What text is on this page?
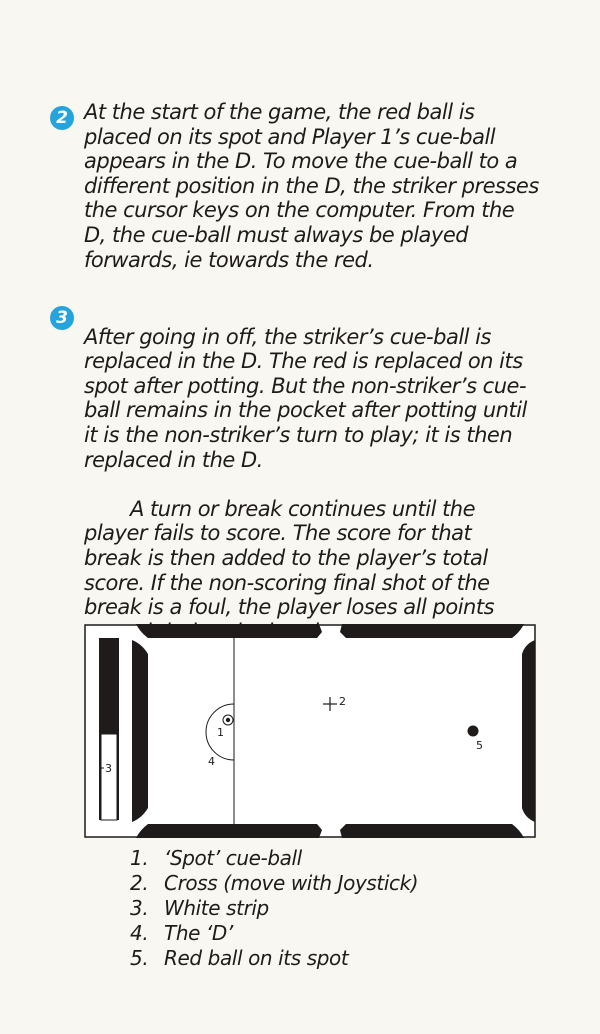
2 At the start of the game, the red ball is
placed on its spot and Player 1’s cue-ball
appears in the D. To move the cue-ball to a
different position in the D, the striker presses
the cursor keys on the computer. From the
D, the cue-ball must always be played
forwards, ie towards the red.
3

After going in off, the striker’s cue-ball is
replaced in the D. The red is replaced on its
spot after potting. But the non-striker’s cue-
ball remains in the pocket after potting until
it is the non-striker’s turn to play; it is then
replaced in the D.

A turn or break continues until the
player fails to score. The score for that
break is then added to the player’s total
score. If the non-scoring final shot of the
break is a foul, the player loses all points

3
1
4
2
5
1. ‘Spot’ cue-ball
2. Cross (move with Joystick)
3. White strip
4. The ‘D’
5. Red ball on its spot
